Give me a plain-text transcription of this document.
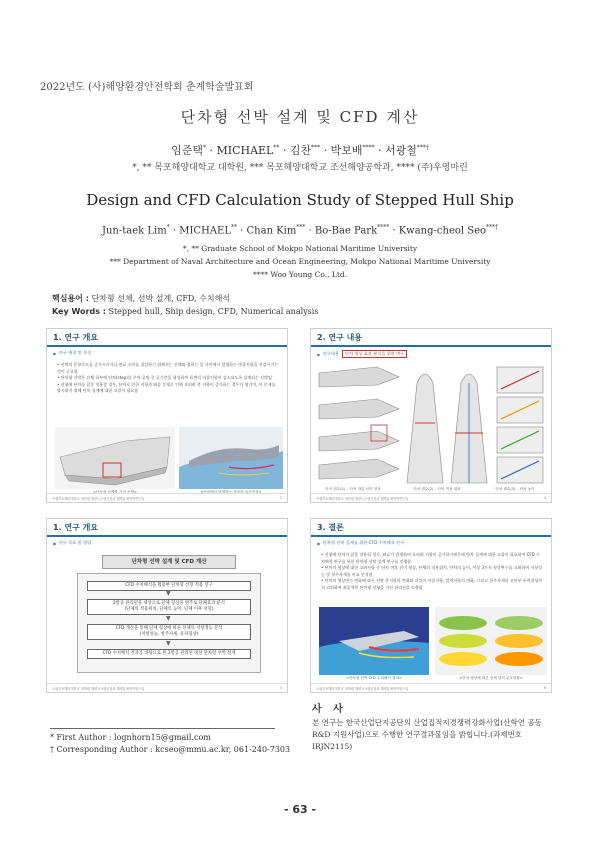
2022년도 (사)해양환경안전학회 춘계학술발표회
단차형 선박 설계 및 CFD 계산
임준택* · MICHAEL** · 김찬*** · 박보배**** · 서광철***†
*, ** 목포해양대학교 대학원, *** 목포해양대학교 조선해양공학과, **** (주)우영마린
Design and CFD Calculation Study of Stepped Hull Ship
Jun-taek Lim* · MICHAEL** · Chan Kim*** · Bo-Bae Park**** · Kwang-cheol Seo***†
*, ** Graduate School of Mokpo National Maritime University
*** Department of Naval Architecture and Ocean Engineering, Mokpo National Maritime University
**** Woo Young Co., Ltd.
핵심용어 : 단차형 선체, 선박 설계, CFD, 수치해석
Key Words : Stepped hull, Ship design, CFD, Numerical analysis
1. 연구 개요
▪ 연구 배경 및 목적
• 선박의 운항속도를 증가시키거나 연료 소비를 절감하기 위해서는 선체와 접하는 물 사이에서 발생하는 마찰저항을 저감시키는 것이 중요함
• 단차형 선박은 선체 하부에 단차(step)를 주어 공팅 중 공기층을 형성하여 표면의 마찰저항이 감소되도록 설계되는 선박임
• 선형에 단차를 잘못 적용할 경우, 단차로 인한 저항과 와류 문제로 인해 오히려 총 저항이 증가하는 경우가 생기며, 이 문제를 방지하기 위해 단차 설계에 대한 고찰이 필요함
<단차형 선체를 가진 선박>	<단차에서 발생하는 작용한 유동현상>
국립목포해양대학교 대학원 해양시스템공학과 해양유체역학연구실	2
2. 연구 내용
▪ 연구내용	단차 형상 효과 분석을 위한 변수
단차 변수(1) – 단차 하류 선미 형상	단차 변수(2) – 단차 적용 위치	단차 변수(3) – 단차 높이
국립목포해양대학교 대학원 해양시스템공학과 해양유체역학연구실	4
1. 연구 개요
▪ 연구 목표 및 방법
단차형 선박 설계 및 CFD 계산
CFD 수치해석을 활용한 단차형 선형 적용 연구
▼
2항공 관리된을 대상으로 단체 형상을 변주로 단체효과 분석
(단체의 적용위치, 단체의 높이, 단체 이후 선형)
▼
CFD 계산을 통해 단체 형상에 따른 선체의 저항정능 분석
(저항성능, 항주자세, 유파형상)
▼
CFD 수치해석 결과를 바탕으로 한 2항공 관리된 대상 단차형 선박 설계
국립목포해양대학교 대학원 해양시스템공학과 해양유체역학연구실	3
3. 결론
▪ 단차형 선박 설계를 위한 CFD 수치해석 연구
• 선형에 단차가 잘못 적용될 경우, 와류가 발생하여 오히려 저항이 증가하기때문에 단차 설계에 대한 고찰이 필요하여 CFD 수치해석 연구를 통한 단차형 선박 설계 연구를 진행함
• 단차의 형상에 대한 고려사항 중 단차 이후 선미 형상, 단체의 적용위치, 단차의 높이, 이상 3가지 형상변수를 고려하여 저항성능 및 항주자세를 비교 분석함
• 단차의 형상변수 변화에 따른 선박 총저항의 변화와 더불어 마찰저항, 압력저항의 변화, 그리고 항주자세의 선미부 부력점성까지 고려하여 최종적인 단차형 선형을 가진 관리선을 도출함
<단차형 선박 CFD 수치해석 결과>	<단차 형상에 따른 선체 압력 분포현황>
국립목포해양대학교 대학원 해양시스템공학과 해양유체역학연구실	6
* First Author : lognhorn15@gmail.com
† Corresponding Author : kcseo@mmu.ac.kr, 061-240-7303
사 사
본 연구는 한국산업단지공단의 산업집적지경쟁력강화사업(산학연 공동 R&D 지원사업)으로 수행한 연구결과물임을 밝힙니다.(과제번호 IRJN2115)
- 63 -
